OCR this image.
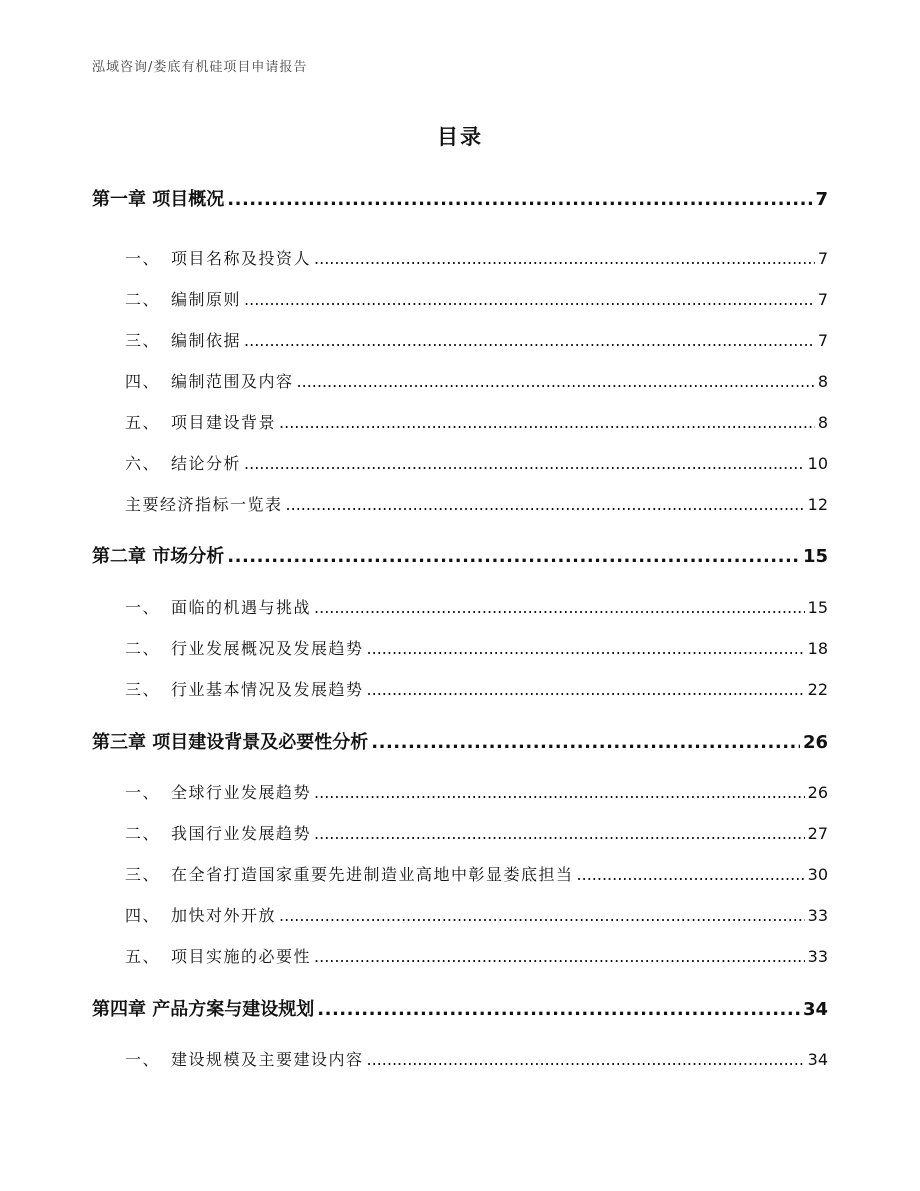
泓域咨询/娄底有机硅项目申请报告
目录
第一章 项目概况 .....	7
一、 项目名称及投资人 .....	7
二、 编制原则 .....	7
三、 编制依据 .....	7
四、 编制范围及内容 .....	8
五、 项目建设背景 .....	8
六、 结论分析 .....	10
主要经济指标一览表 .....	12
第二章 市场分析 .....	15
一、 面临的机遇与挑战 .....	15
二、 行业发展概况及发展趋势 .....	18
三、 行业基本情况及发展趋势 .....	22
第三章 项目建设背景及必要性分析 .....	26
一、 全球行业发展趋势 .....	26
二、 我国行业发展趋势 .....	27
三、 在全省打造国家重要先进制造业高地中彰显娄底担当 .....	30
四、 加快对外开放 .....	33
五、 项目实施的必要性 .....	33
第四章 产品方案与建设规划 .....	34
一、 建设规模及主要建设内容 .....	34
